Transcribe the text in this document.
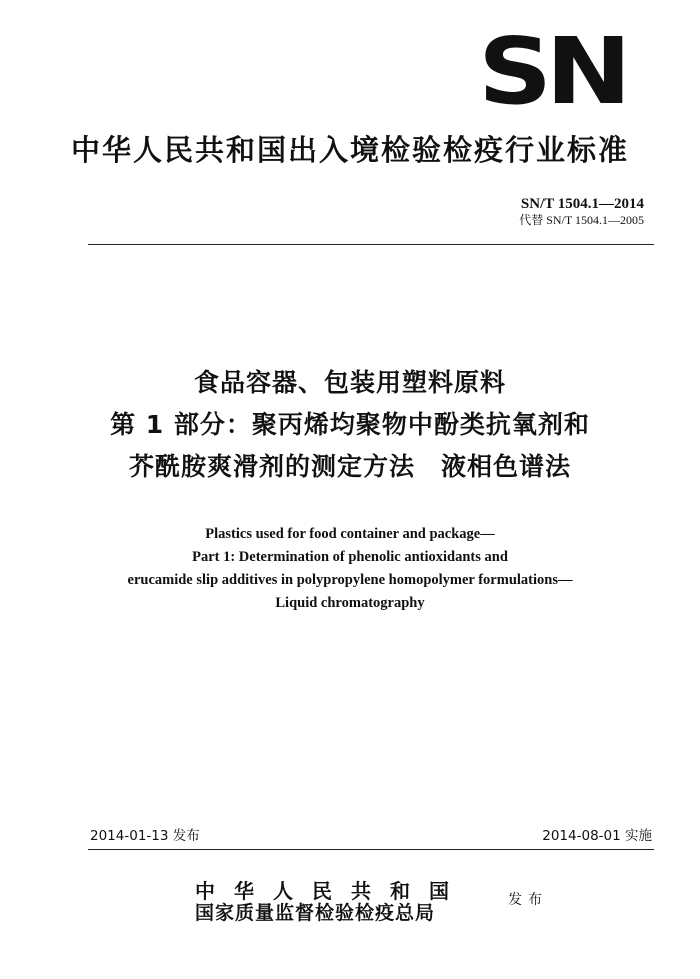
SN
中华人民共和国出入境检验检疫行业标准
SN/T 1504.1—2014
代替 SN/T 1504.1—2005
食品容器、包装用塑料原料
第 1 部分：聚丙烯均聚物中酚类抗氧剂和
芥酰胺爽滑剂的测定方法　液相色谱法
Plastics used for food container and package—
Part 1: Determination of phenolic antioxidants and
erucamide slip additives in polypropylene homopolymer formulations—
Liquid chromatography
2014-01-13 发布	2014-08-01 实施
中华人民共和国
国家质量监督检验检疫总局
发布
